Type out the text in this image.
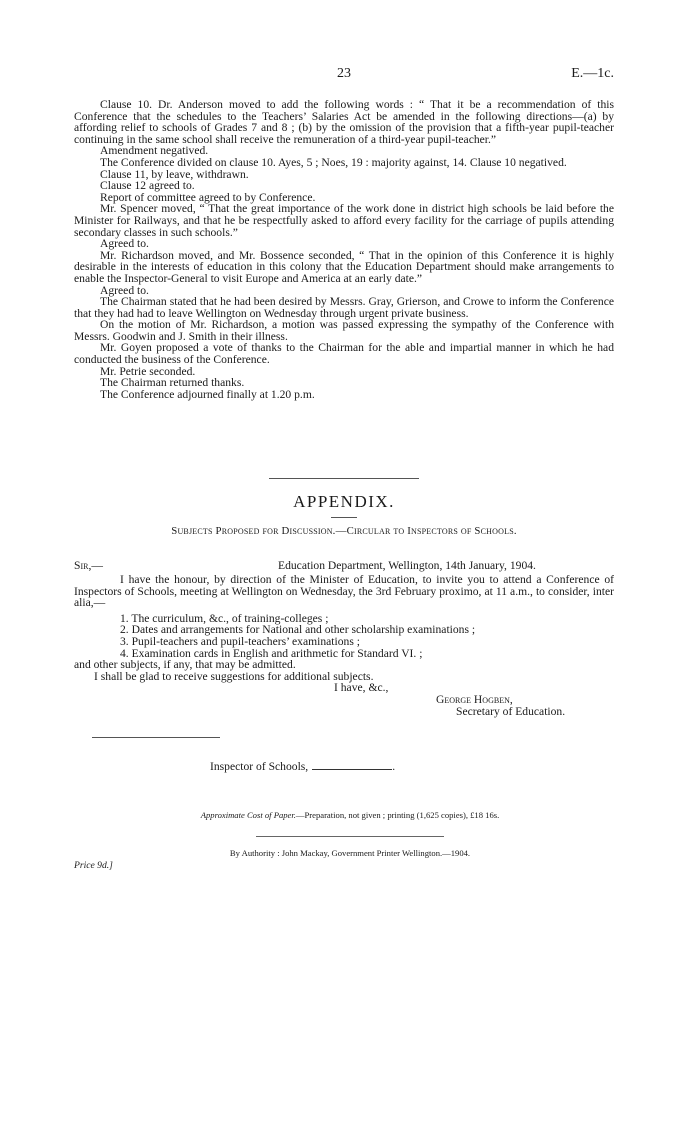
23	E.—1c.

Clause 10. Dr. Anderson moved to add the following words : “ That it be a recommendation of this Conference that the schedules to the Teachers’ Salaries Act be amended in the following directions—(a) by affording relief to schools of Grades 7 and 8 ; (b) by the omission of the provision that a fifth-year pupil-teacher continuing in the same school shall receive the remuneration of a third-year pupil-teacher.”

Amendment negatived.

The Conference divided on clause 10. Ayes, 5 ; Noes, 19 : majority against, 14. Clause 10 negatived.

Clause 11, by leave, withdrawn.

Clause 12 agreed to.

Report of committee agreed to by Conference.

Mr. Spencer moved, “ That the great importance of the work done in district high schools be laid before the Minister for Railways, and that he be respectfully asked to afford every facility for the carriage of pupils attending secondary classes in such schools.”

Agreed to.

Mr. Richardson moved, and Mr. Bossence seconded, “ That in the opinion of this Conference it is highly desirable in the interests of education in this colony that the Education Department should make arrangements to enable the Inspector-General to visit Europe and America at an early date.”

Agreed to.

The Chairman stated that he had been desired by Messrs. Gray, Grierson, and Crowe to inform the Conference that they had had to leave Wellington on Wednesday through urgent private business.

On the motion of Mr. Richardson, a motion was passed expressing the sympathy of the Conference with Messrs. Goodwin and J. Smith in their illness.

Mr. Goyen proposed a vote of thanks to the Chairman for the able and impartial manner in which he had conducted the business of the Conference.

Mr. Petrie seconded.

The Chairman returned thanks.

The Conference adjourned finally at 1.20 p.m.

APPENDIX.
Subjects Proposed for Discussion.—Circular to Inspectors of Schools.
Sir,—	Education Department, Wellington, 14th January, 1904.

I have the honour, by direction of the Minister of Education, to invite you to attend a Conference of Inspectors of Schools, meeting at Wellington on Wednesday, the 3rd February proximo, at 11 a.m., to consider, inter alia,—

1. The curriculum, &c., of training-colleges ;
2. Dates and arrangements for National and other scholarship examinations ;
3. Pupil-teachers and pupil-teachers’ examinations ;
4. Examination cards in English and arithmetic for Standard VI. ;

and other subjects, if any, that may be admitted.

I shall be glad to receive suggestions for additional subjects.

I have, &c.,

George Hogben,

Secretary of Education.

Inspector of Schools,	.
Approximate Cost of Paper.—Preparation, not given ; printing (1,625 copies), £18 16s.
Price 9d.]
By Authority : John Mackay, Government Printer Wellington.—1904.
